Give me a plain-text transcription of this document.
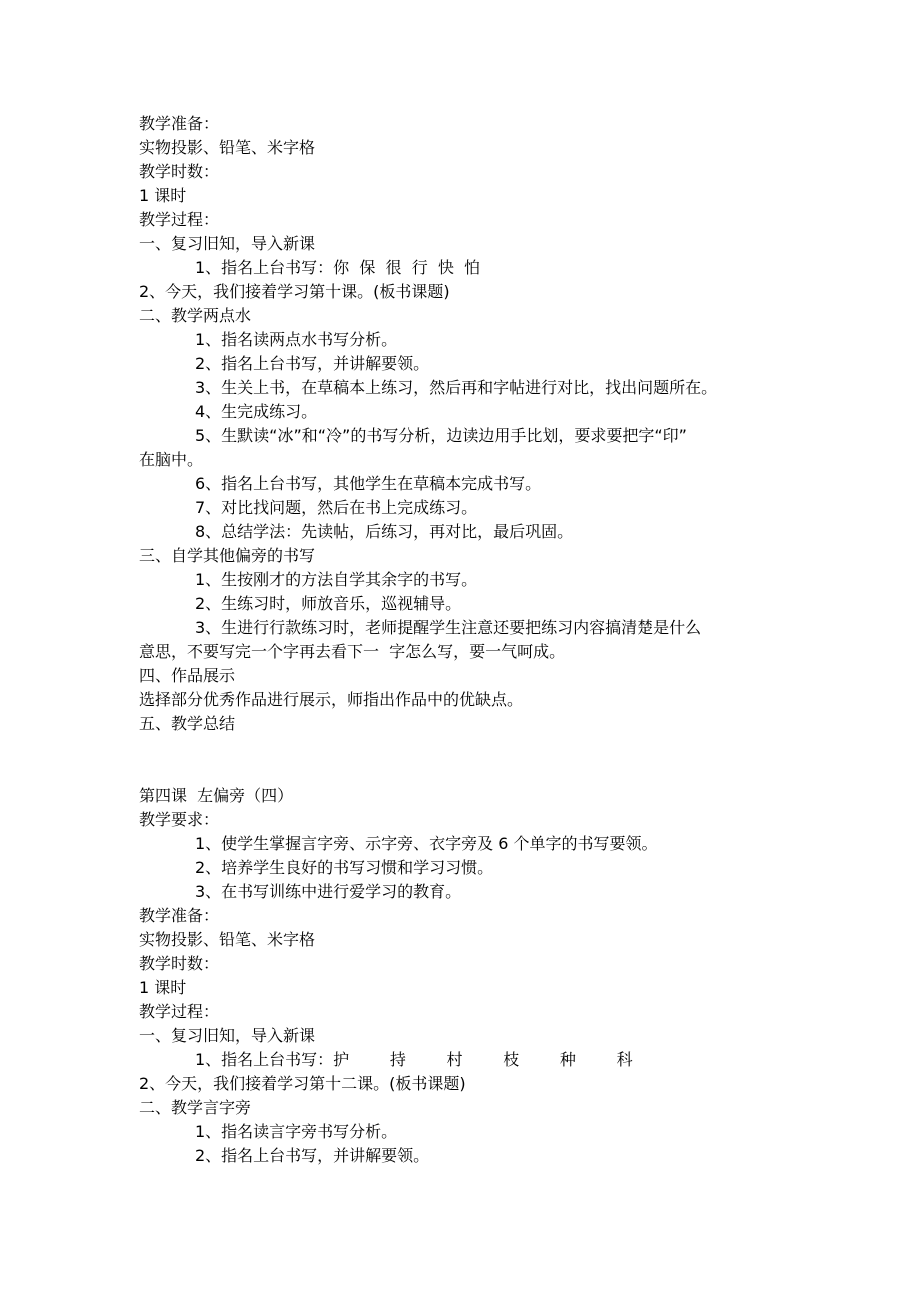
教学准备：
实物投影、铅笔、米字格
教学时数：
1 课时
教学过程：
一、复习旧知，导入新课
1、指名上台书写：你  保  很  行  快  怕
2、今天，我们接着学习第十课。(板书课题)
二、教学两点水
1、指名读两点水书写分析。
2、指名上台书写，并讲解要领。
3、生关上书，在草稿本上练习，然后再和字帖进行对比，找出问题所在。
4、生完成练习。
5、生默读“冰”和“冷”的书写分析，边读边用手比划，要求要把字“印”
在脑中。
6、指名上台书写，其他学生在草稿本完成书写。
7、对比找问题，然后在书上完成练习。
8、总结学法：先读帖，后练习，再对比，最后巩固。
三、自学其他偏旁的书写
1、生按刚才的方法自学其余字的书写。
2、生练习时，师放音乐，巡视辅导。
3、生进行行款练习时，老师提醒学生注意还要把练习内容搞清楚是什么
意思，不要写完一个字再去看下一  字怎么写，要一气呵成。
四、作品展示
选择部分优秀作品进行展示，师指出作品中的优缺点。
五、教学总结
第四课  左偏旁（四）
教学要求：
1、使学生掌握言字旁、示字旁、衣字旁及 6 个单字的书写要领。
2、培养学生良好的书写习惯和学习习惯。
3、在书写训练中进行爱学习的教育。
教学准备：
实物投影、铅笔、米字格
教学时数：
1 课时
教学过程：
一、复习旧知，导入新课
1、指名上台书写：护        持        村        枝        种        科
2、今天，我们接着学习第十二课。(板书课题)
二、教学言字旁
1、指名读言字旁书写分析。
2、指名上台书写，并讲解要领。
